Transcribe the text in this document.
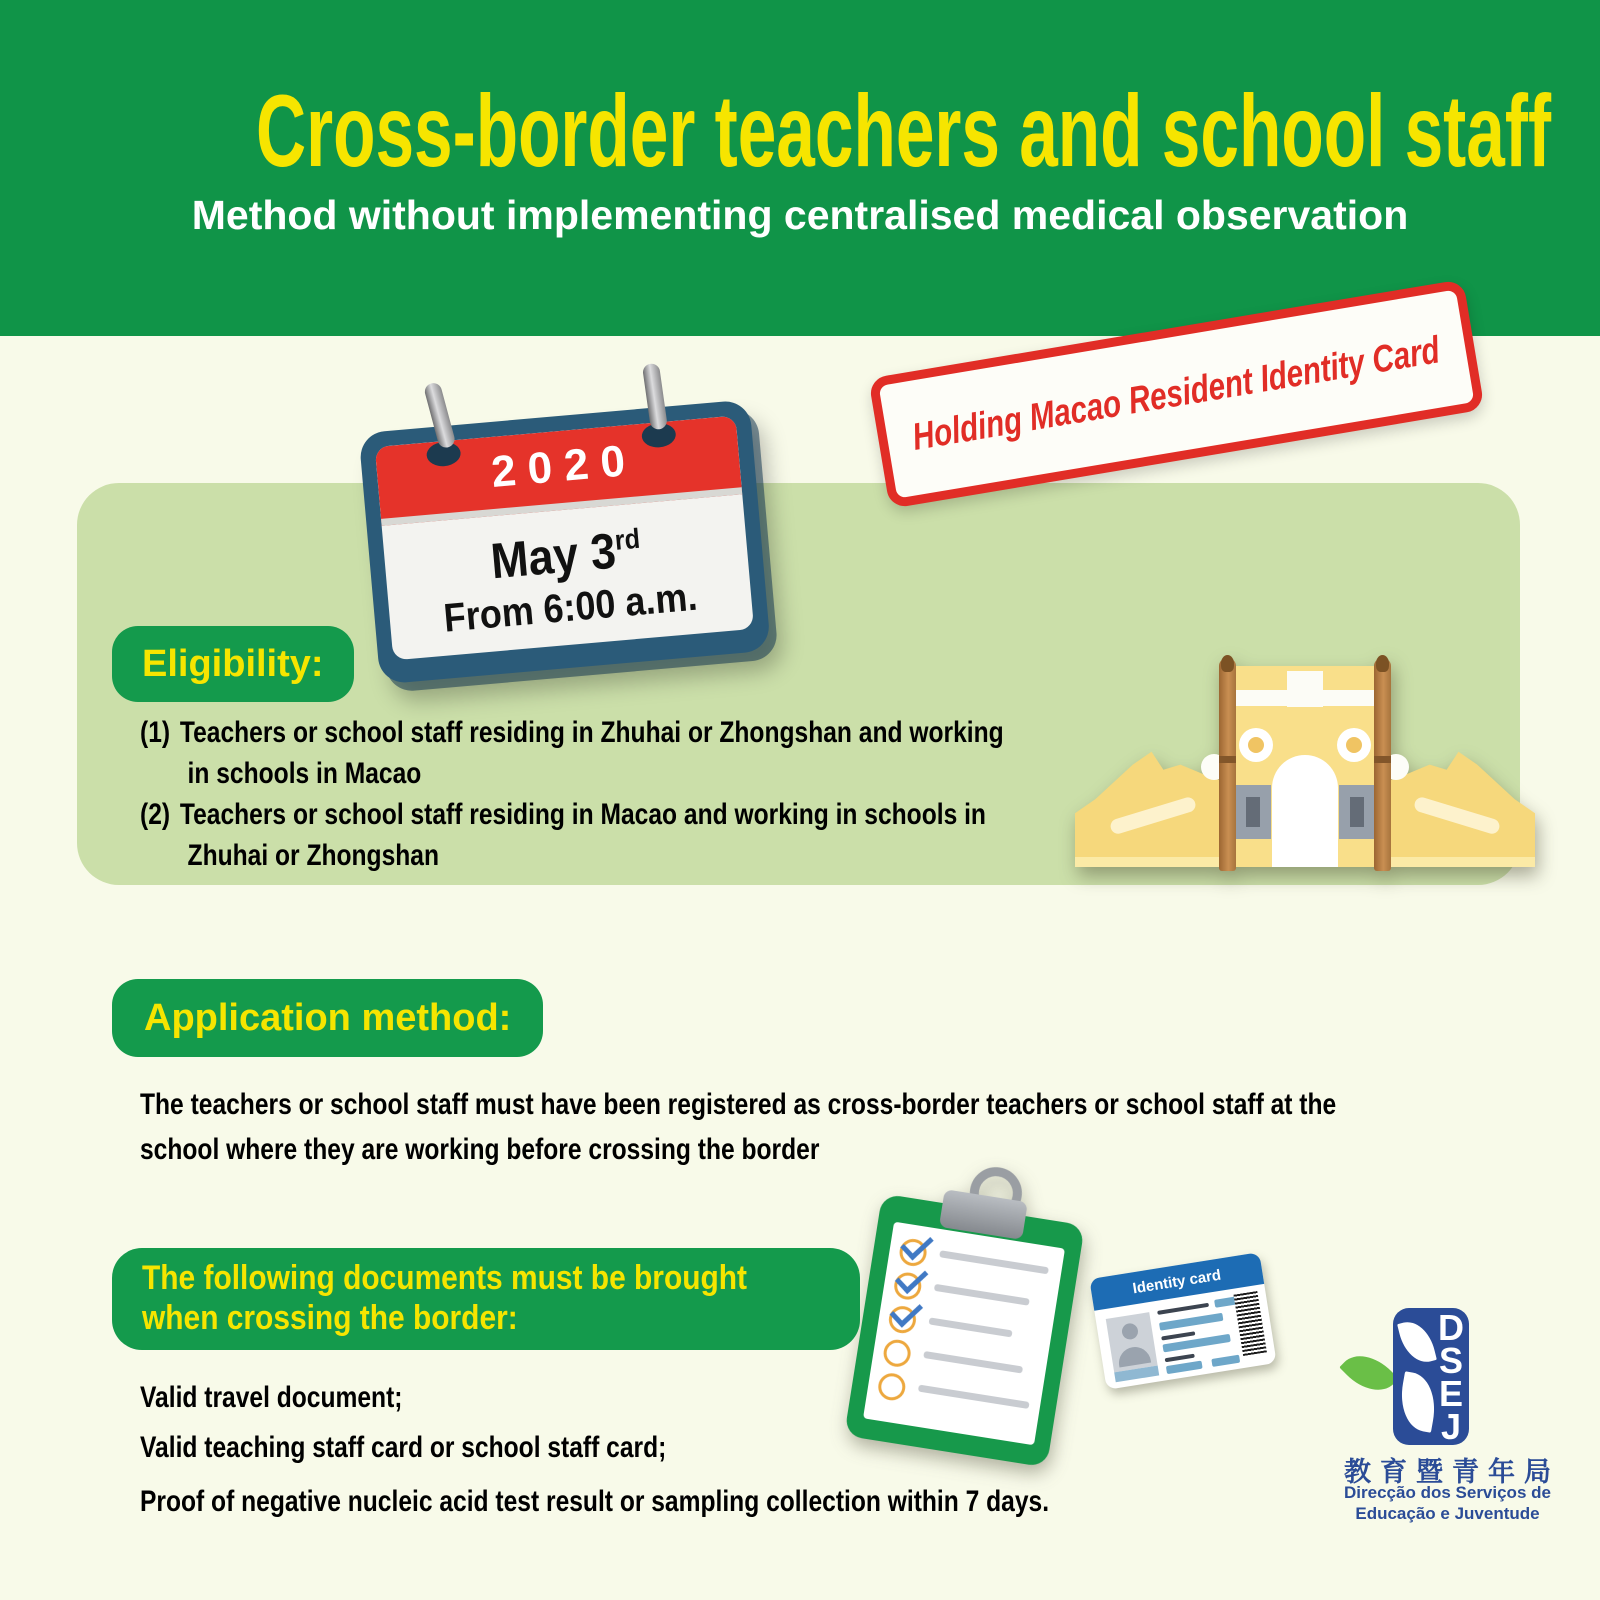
Cross-border teachers and school staff

Method without implementing centralised medical observation

Holding Macao Resident Identity Card
2020
May 3rd
From 6:00 a.m.
Eligibility:
(1) Teachers or school staff residing in Zhuhai or Zhongshan and working
in schools in Macao
(2) Teachers or school staff residing in Macao and working in schools in
Zhuhai or Zhongshan
Application method:
The teachers or school staff must have been registered as cross-border teachers or school staff at the
school where they are working before crossing the border
The following documents must be brought
when crossing the border:
Valid travel document;
Valid teaching staff card or school staff card;
Proof of negative nucleic acid test result or sampling collection within 7 days.
Identity card
D
S
E
J
教育暨青年局
Direcção dos Serviços de
Educação e Juventude
